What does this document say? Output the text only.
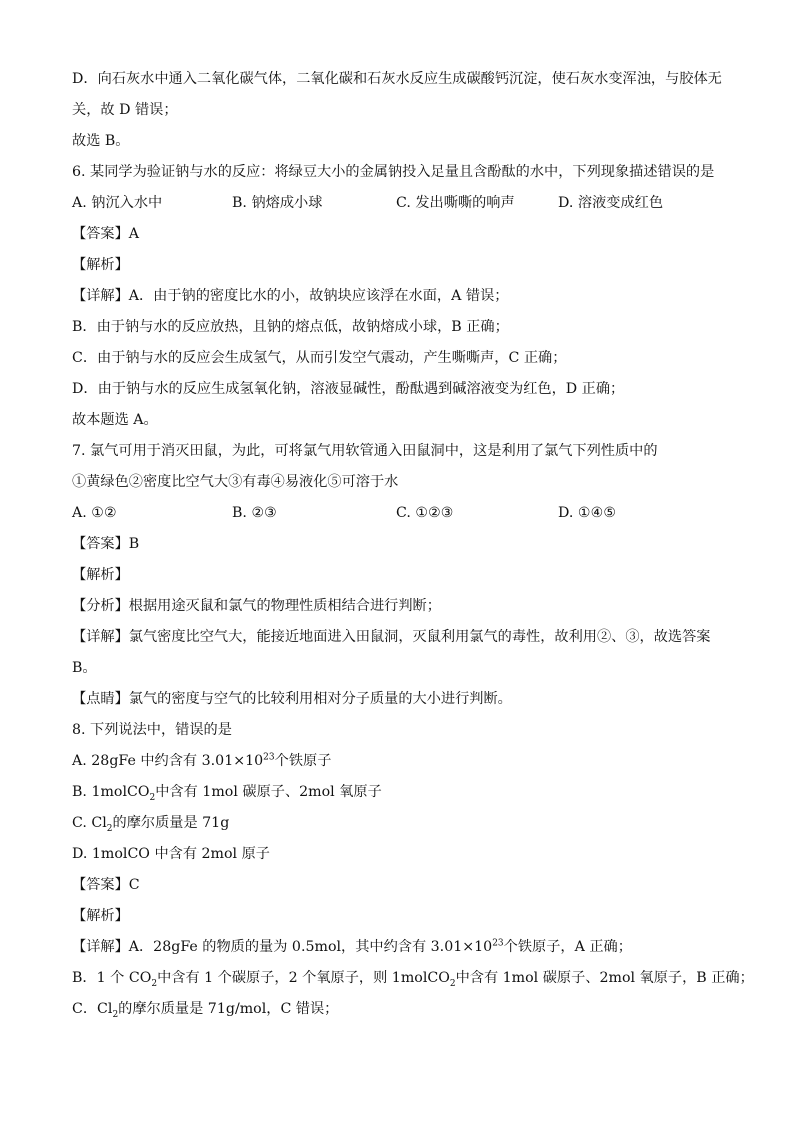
D．向石灰水中通入二氧化碳气体，二氧化碳和石灰水反应生成碳酸钙沉淀，使石灰水变浑浊，与胶体无
关，故 D 错误；
故选 B。
6. 某同学为验证钠与水的反应：将绿豆大小的金属钠投入足量且含酚酞的水中，下列现象描述错误的是
A. 钠沉入水中	B. 钠熔成小球	C. 发出嘶嘶的响声	D. 溶液变成红色
【答案】A
【解析】
【详解】A．由于钠的密度比水的小，故钠块应该浮在水面，A 错误；
B．由于钠与水的反应放热，且钠的熔点低，故钠熔成小球，B 正确；
C．由于钠与水的反应会生成氢气，从而引发空气震动，产生嘶嘶声，C 正确；
D．由于钠与水的反应生成氢氧化钠，溶液显碱性，酚酞遇到碱溶液变为红色，D 正确；
故本题选 A。
7. 氯气可用于消灭田鼠，为此，可将氯气用软管通入田鼠洞中，这是利用了氯气下列性质中的
①黄绿色②密度比空气大③有毒④易液化⑤可溶于水
A. ①②	B. ②③	C. ①②③	D. ①④⑤
【答案】B
【解析】
【分析】根据用途灭鼠和氯气的物理性质相结合进行判断；
【详解】氯气密度比空气大，能接近地面进入田鼠洞，灭鼠利用氯气的毒性，故利用②、③，故选答案
B。
【点睛】氯气的密度与空气的比较利用相对分子质量的大小进行判断。
8. 下列说法中，错误的是
A. 28gFe 中约含有 $3.01\times 10^{23}$个铁原子
B. 1molCO$_2$中含有 1mol 碳原子、2mol 氧原子
C. $Cl_2$的摩尔质量是 71g
D. 1molCO 中含有 2mol 原子
【答案】C
【解析】
【详解】A．28gFe 的物质的量为 0.5mol，其中约含有 $3.01\times 10^{23}$个铁原子，A 正确；
B．1 个 $CO_2$中含有 1 个碳原子，2 个氧原子，则 1molCO$_2$中含有 1mol 碳原子、2mol 氧原子，B 正确；
C．$Cl_2$的摩尔质量是 71g/mol，C 错误；
